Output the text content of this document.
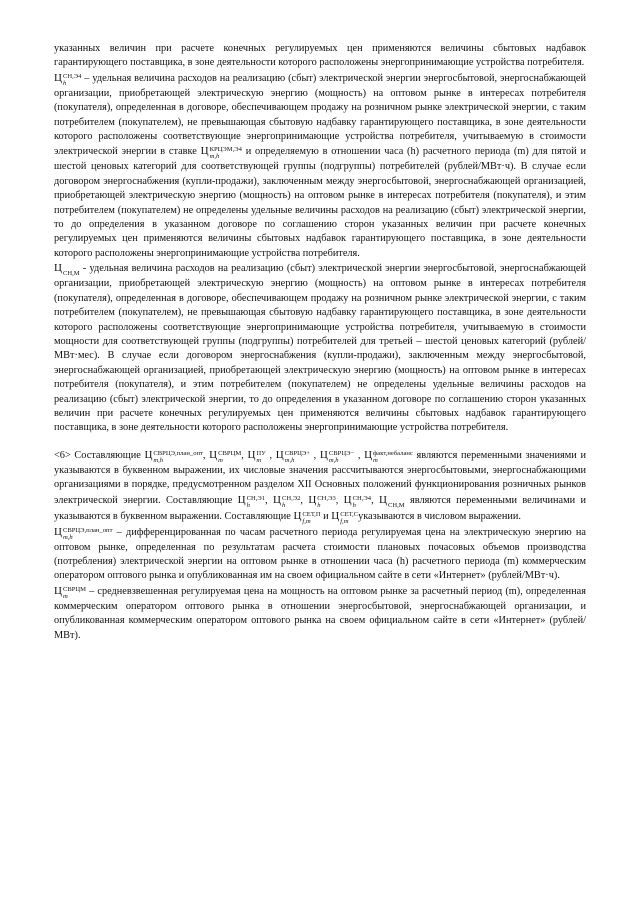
указанных величин при расчете конечных регулируемых цен применяются величины сбытовых надбавок гарантирующего поставщика, в зоне деятельности которого расположены энергопринимающие устройства потребителя.

Ц СН,Э4
h	– удельная величина расходов на реализацию (сбыт) электрической энергии энергосбытовой, энергоснабжающей организации, приобретающей электрическую энергию (мощность) на оптовом рынке в интересах потребителя (покупателя), определенная в договоре, обеспечивающем продажу на розничном рынке электрической энергии, с таким потребителем (покупателем), не превышающая сбытовую надбавку гарантирующего поставщика, в зоне деятельности которого расположены соответствующие энергопринимающие устройства потребителя, учитываемую в стоимости электрической энергии в ставке Ц КРЦЭМ,Э4
m,h	и определяемую в отношении часа (h) расчетного периода (m) для пятой и шестой ценовых категорий для соответствующей группы (подгруппы) потребителей (рублей/МВт·ч). В случае если договором энергоснабжения (купли-продажи), заключенным между энергосбытовой, энергоснабжающей организацией, приобретающей электрическую энергию (мощность) на оптовом рынке в интересах потребителя (покупателя), и этим потребителем (покупателем) не определены удельные величины расходов на реализацию (сбыт) электрической энергии, то до определения в указанном договоре по соглашению сторон указанных величин при расчете конечных регулируемых цен применяются величины сбытовых надбавок гарантирующего поставщика, в зоне деятельности которого расположены энергопринимающие устройства потребителя.

Ц СН,М - удельная величина расходов на реализацию (сбыт) электрической энергии энергосбытовой, энергоснабжающей организации, приобретающей электрическую энергию (мощность) на оптовом рынке в интересах потребителя (покупателя), определенная в договоре, обеспечивающем продажу на розничном рынке электрической энергии, с таким потребителем (покупателем), не превышающая сбытовую надбавку гарантирующего поставщика, в зоне деятельности которого расположены соответствующие энергопринимающие устройства потребителя, учитываемую в стоимости мощности для соответствующей группы (подгруппы) потребителей для третьей – шестой ценовых категорий (рублей/МВт·мес). В случае если договором энергоснабжения (купли-продажи), заключенным между энергосбытовой, энергоснабжающей организацией, приобретающей электрическую энергию (мощность) на оптовом рынке в интересах потребителя (покупателя), и этим потребителем (покупателем) не определены удельные величины расходов на реализацию (сбыт) электрической энергии, то до определения в указанном договоре по соглашению сторон указанных величин при расчете конечных регулируемых цен применяются величины сбытовых надбавок гарантирующего поставщика, в зоне деятельности которого расположены энергопринимающие устройства потребителя.

<6> Составляющие Ц СВРЦЭ,план_опт
m,h	, Ц СВРЦМ
m	, Ц ПУ
m , Ц СВРЦЭ+
m,h	, Ц СВРЦЭ−
m,h	, Ц факт,небаланс
m	являются переменными значениями и указываются в буквенном выражении, их числовые значения рассчитываются энергосбытовыми, энергоснабжающими организациями в порядке, предусмотренном разделом XII Основных положений функционирования розничных рынков электрической энергии. Составляющие Ц СН,Э1
h	, Ц СН,Э2
h	, Ц СН,Э3
h	, Ц СН,Э4
h	, Ц СН,М являются переменными величинами и указываются в буквенном выражении. Составляющие Ц СЕТ,П
f,m и Ц СЕТ,С
f,m указываются в числовом выражении.

Ц СВРЦЭ,план_опт
m,h	– дифференцированная по часам расчетного периода регулируемая цена на электрическую энергию на оптовом рынке, определенная по результатам расчета стоимости плановых почасовых объемов производства (потребления) электрической энергии на оптовом рынке в отношении часа (h) расчетного периода (m) коммерческим оператором оптового рынка и опубликованная им на своем официальном сайте в сети «Интернет» (рублей/МВт·ч).

Ц СВРЦМ
m	– средневзвешенная регулируемая цена на мощность на оптовом рынке за расчетный период (m), определенная коммерческим оператором оптового рынка в отношении энергосбытовой, энергоснабжающей организации, и опубликованная коммерческим оператором оптового рынка на своем официальном сайте в сети «Интернет» (рублей/МВт).
